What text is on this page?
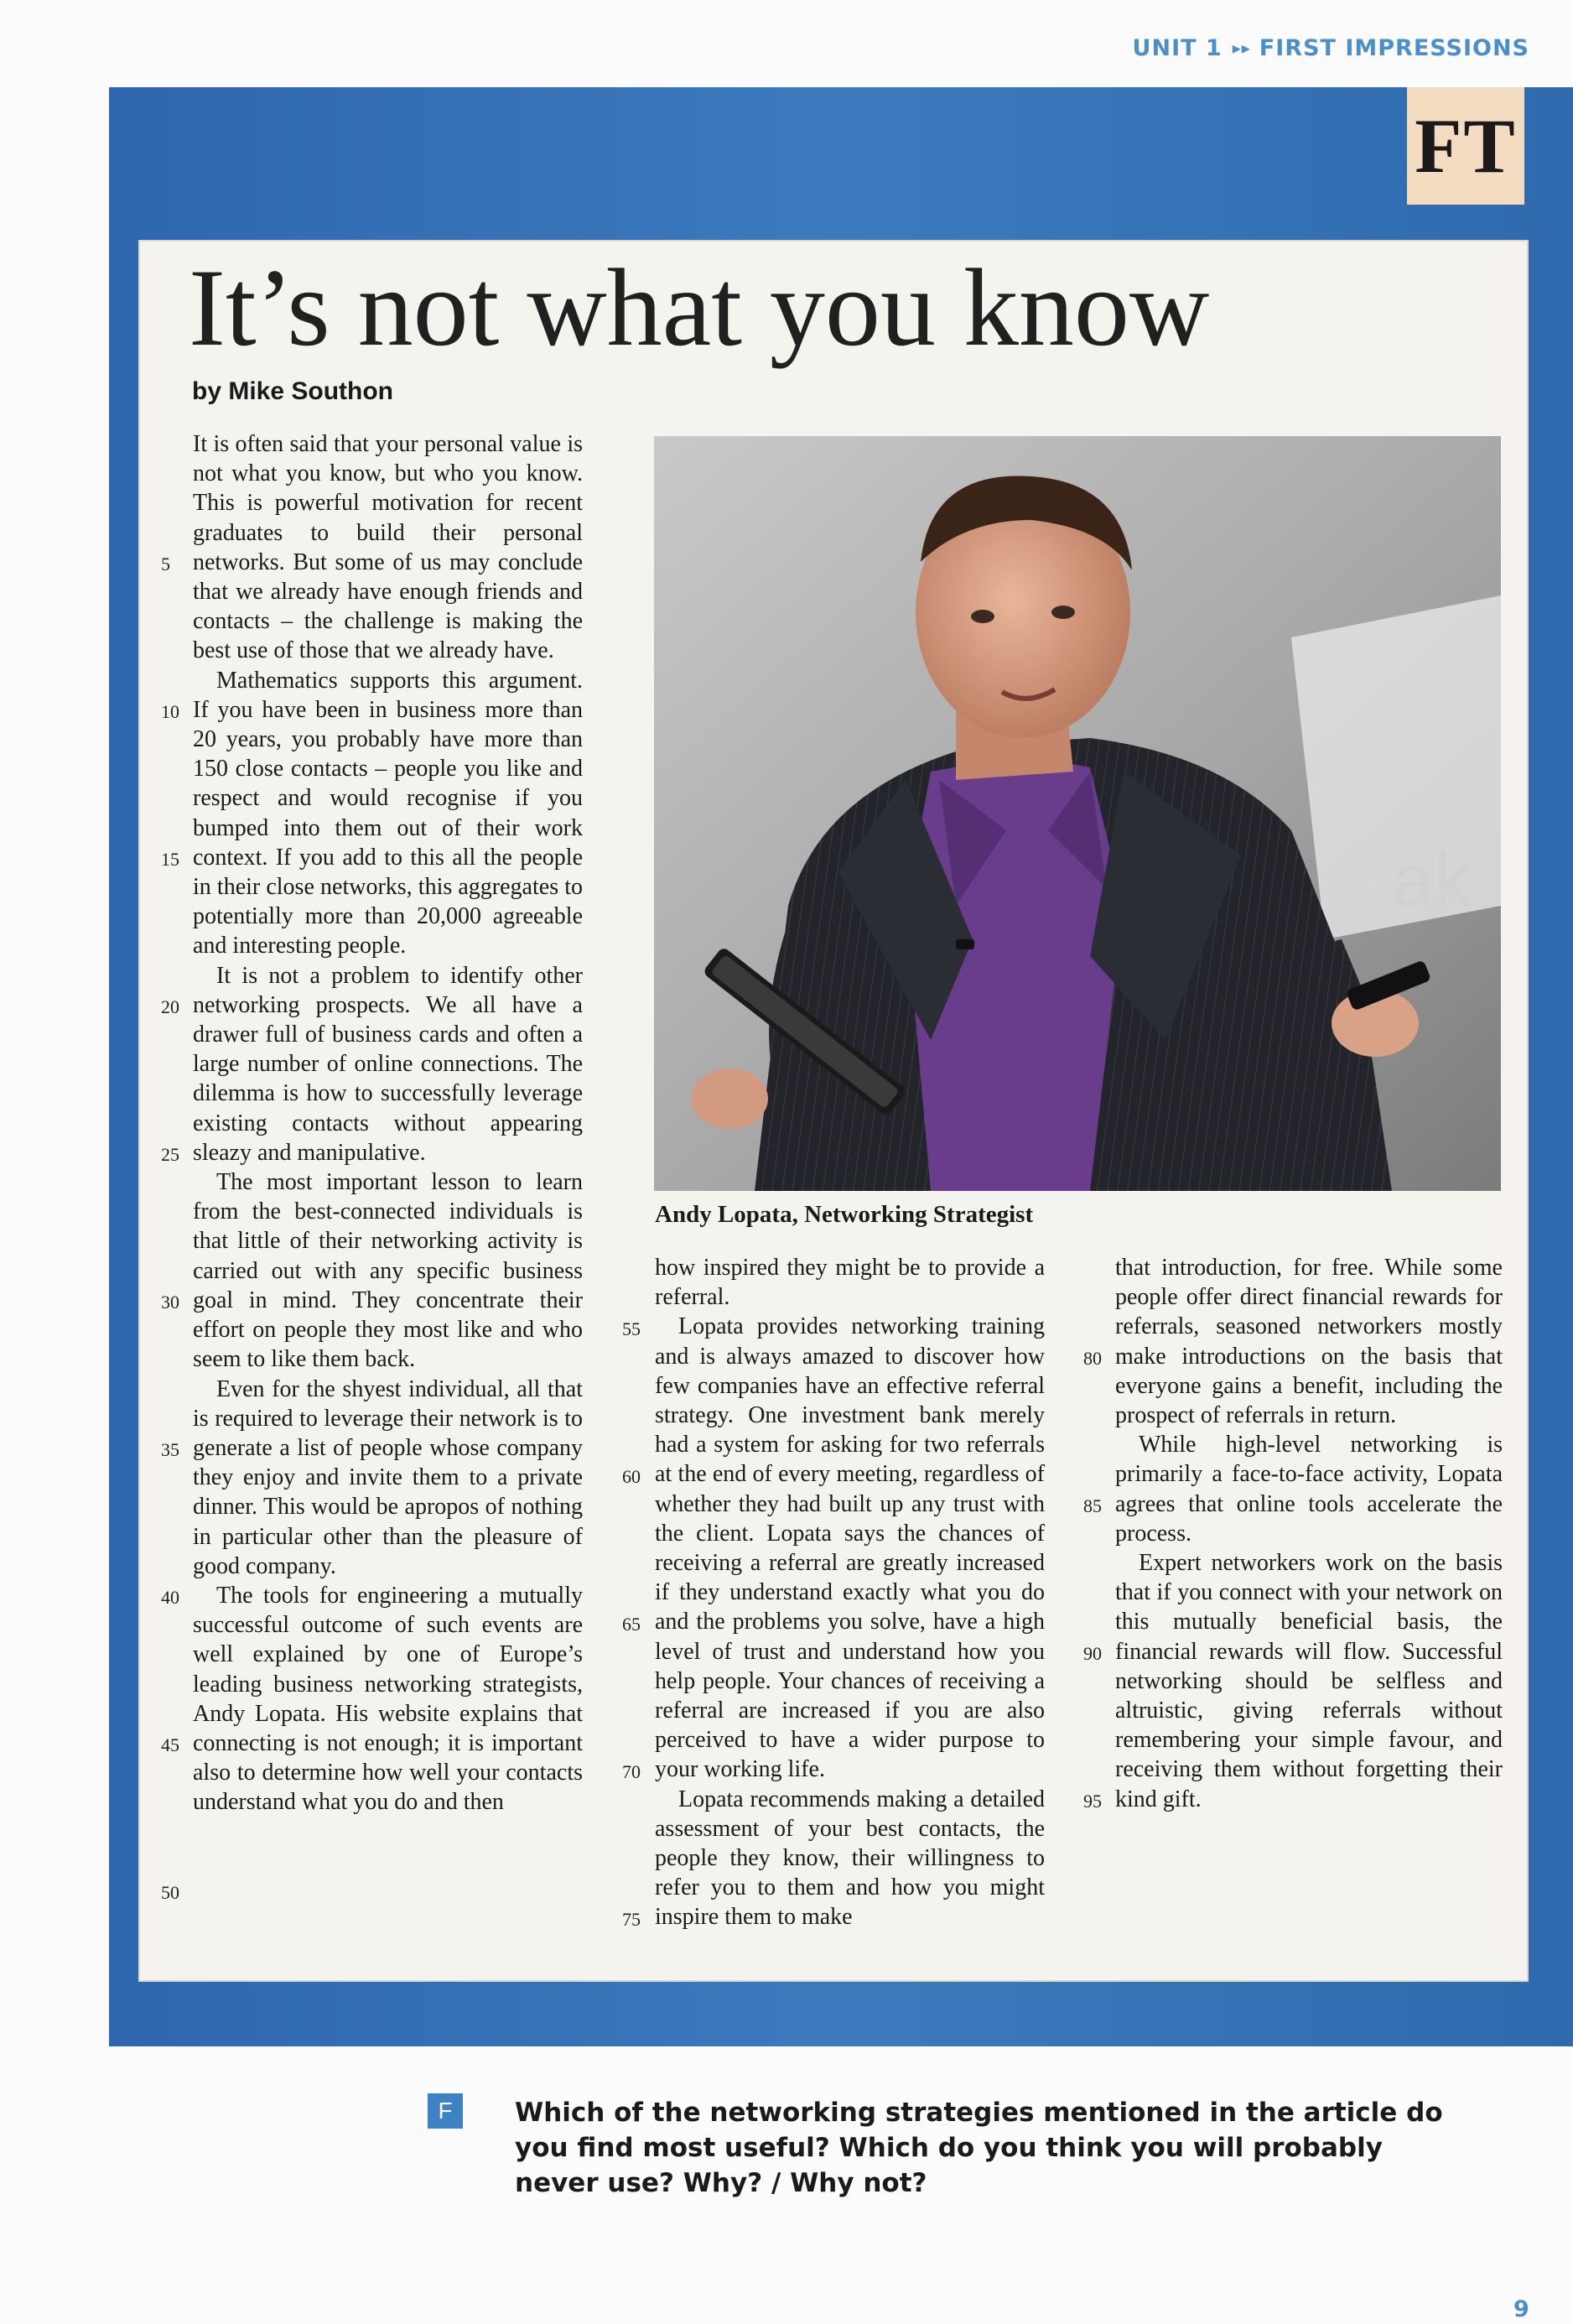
UNIT 1 ▸▸ FIRST IMPRESSIONS
FT
It’s not what you know
by Mike Southon

It is often said that your personal value is not what you know, but who you know. This is powerful motivation for recent graduates to build their personal networks. But some of us may conclude that we already have enough friends and contacts – the challenge is making the best use of those that we already have.

Mathematics supports this argument. If you have been in business more than 20 years, you probably have more than 150 close contacts – people you like and respect and would recognise if you bumped into them out of their work context. If you add to this all the people in their close networks, this aggregates to potentially more than 20,000 agreeable and interesting people.

It is not a problem to identify other networking prospects. We all have a drawer full of business cards and often a large number of online connections. The dilemma is how to successfully leverage existing contacts without appearing sleazy and manipulative.

The most important lesson to learn from the best-connected individuals is that little of their networking activity is carried out with any specific business goal in mind. They concentrate their effort on people they most like and who seem to like them back.

Even for the shyest individual, all that is required to leverage their network is to generate a list of people whose company they enjoy and invite them to a private dinner. This would be apropos of nothing in particular other than the pleasure of good company.

The tools for engineering a mutually successful outcome of such events are well explained by one of Europe’s leading business networking strategists, Andy Lopata. His website explains that connecting is not enough; it is important also to determine how well your contacts understand what you do and then

5
10
15
20
25
30
35
40
45
50
ak
Andy Lopata, Networking Strategist

how inspired they might be to provide a referral.

Lopata provides networking training and is always amazed to discover how few companies have an effective referral strategy. One investment bank merely had a system for asking for two referrals at the end of every meeting, regardless of whether they had built up any trust with the client. Lopata says the chances of receiving a referral are greatly increased if they understand exactly what you do and the problems you solve, have a high level of trust and understand how you help people. Your chances of receiving a referral are increased if you are also perceived to have a wider purpose to your working life.

Lopata recommends making a detailed assessment of your best contacts, the people they know, their willingness to refer you to them and how you might inspire them to make

55
60
65
70
75

that introduction, for free. While some people offer direct financial rewards for referrals, seasoned networkers mostly make introductions on the basis that everyone gains a benefit, including the prospect of referrals in return.

While high-level networking is primarily a face-to-face activity, Lopata agrees that online tools accelerate the process.

Expert networkers work on the basis that if you connect with your network on this mutually beneficial basis, the financial rewards will flow. Successful networking should be selfless and altruistic, giving referrals without remembering your simple favour, and receiving them without forgetting their kind gift.

80
85
90
95
F	Which of the networking strategies mentioned in the article do you find most useful? Which do you think you will probably never use? Why? / Why not?
9
